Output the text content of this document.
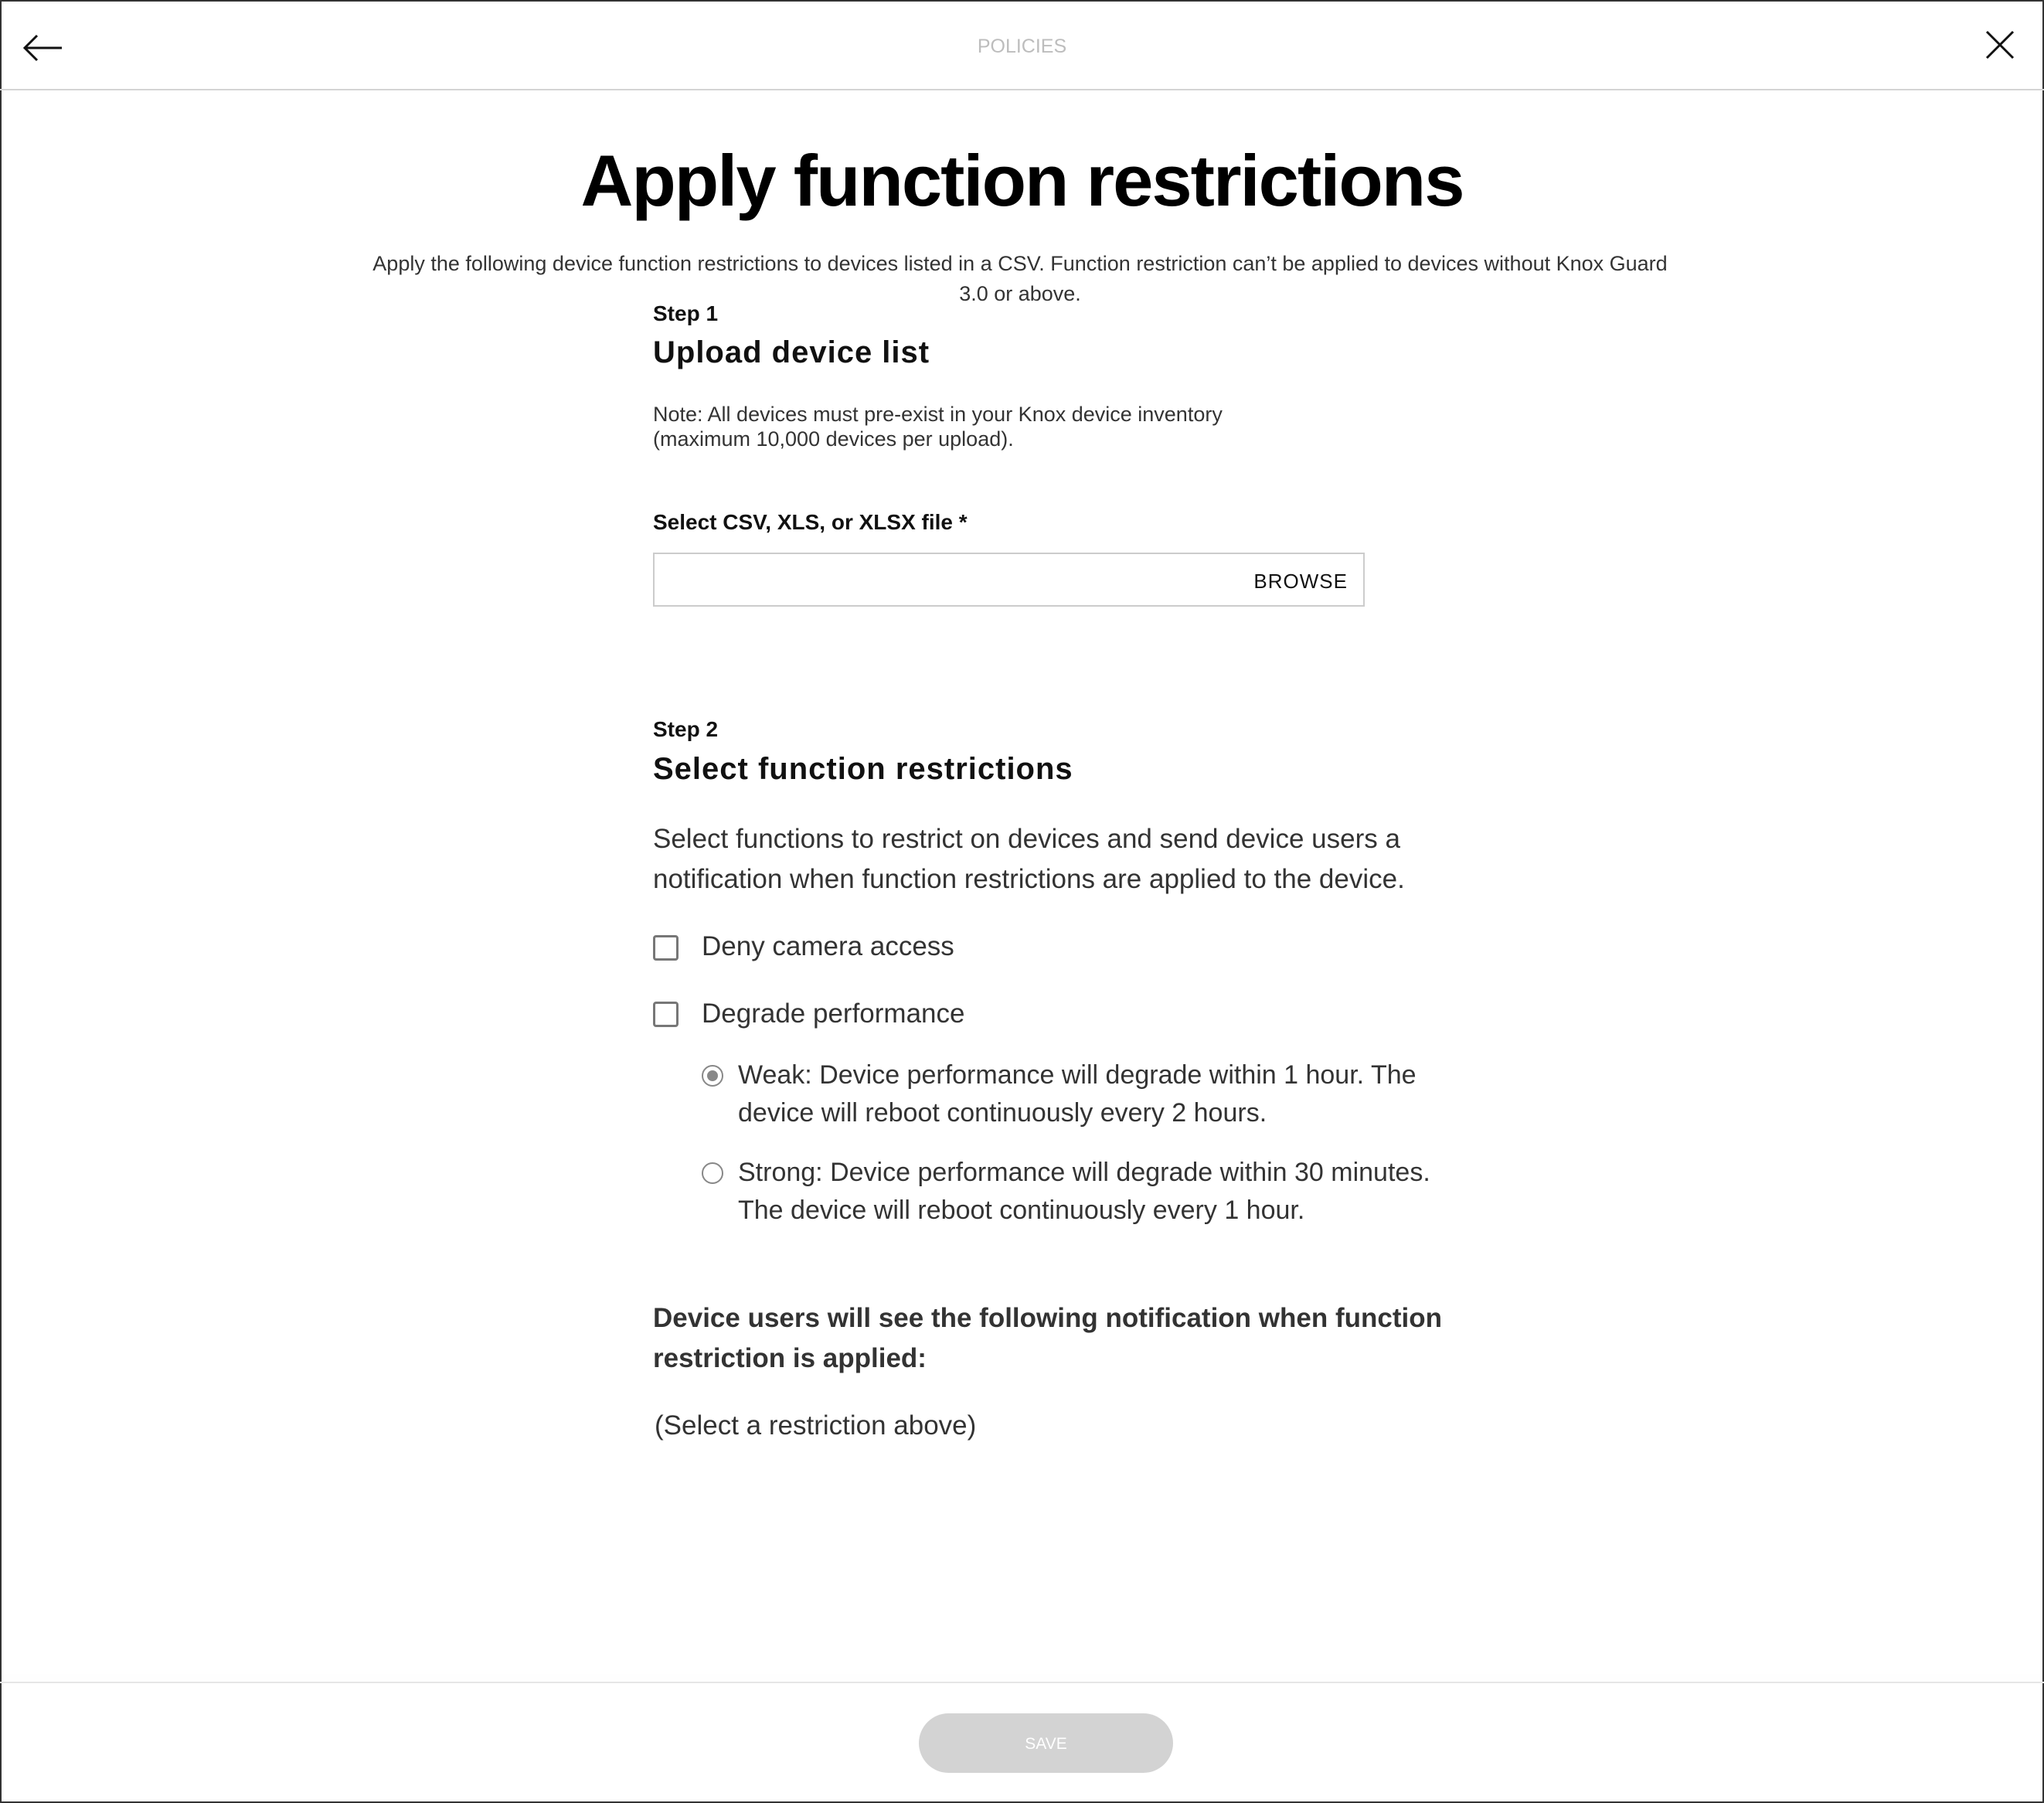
POLICIES
Apply function restrictions
Apply the following device function restrictions to devices listed in a CSV. Function restriction can’t be applied to devices without Knox Guard 3.0 or above.
Step 1
Upload device list
Note: All devices must pre-exist in your Knox device inventory
(maximum 10,000 devices per upload).
Select CSV, XLS, or XLSX file *
BROWSE
Step 2
Select function restrictions
Select functions to restrict on devices and send device users a notification when function restrictions are applied to the device.
Deny camera access
Degrade performance
Weak: Device performance will degrade within 1 hour. The device will reboot continuously every 2 hours.
Strong: Device performance will degrade within 30 minutes. The device will reboot continuously every 1 hour.
Device users will see the following notification when function restriction is applied:
(Select a restriction above)
SAVE
